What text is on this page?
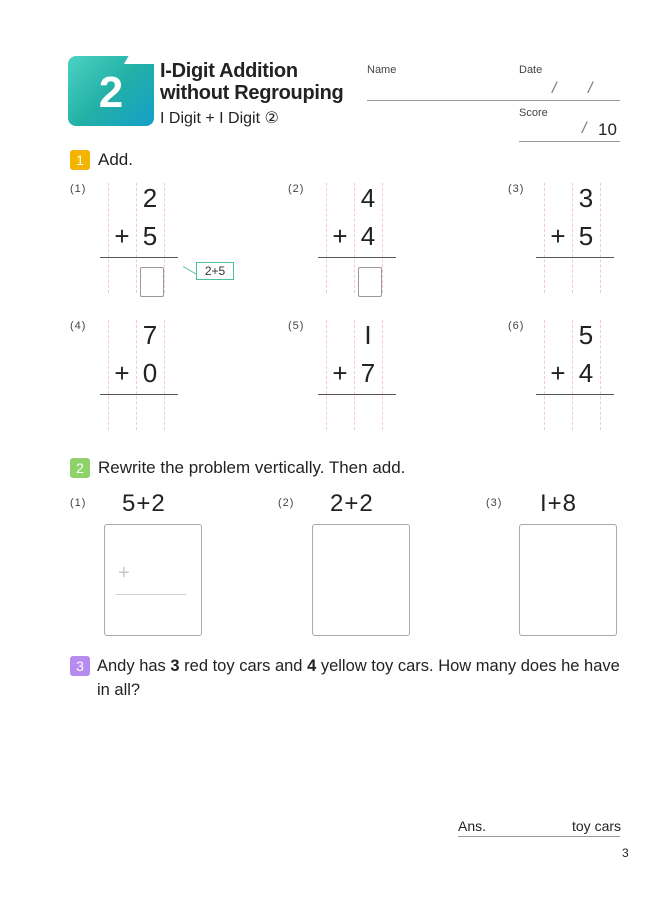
2	I-Digit Addition
without Regrouping
I Digit + I Digit ②
Name	Date
/ /
Score
/ 10
1 Add.
(1) 2
+ 5
2+5
(2) 4
+ 4
(3) 3
+ 5
(4) 7
+ 0
(5)	I
+ 7
(6) 5
+ 4
2 Rewrite the problem vertically. Then add.
(1) 5+2
+
(2) 2+2	(3) I+8
3 Andy has 3 red toy cars and 4 yellow toy cars. How many does he have in all?
Ans.	toy cars
3
